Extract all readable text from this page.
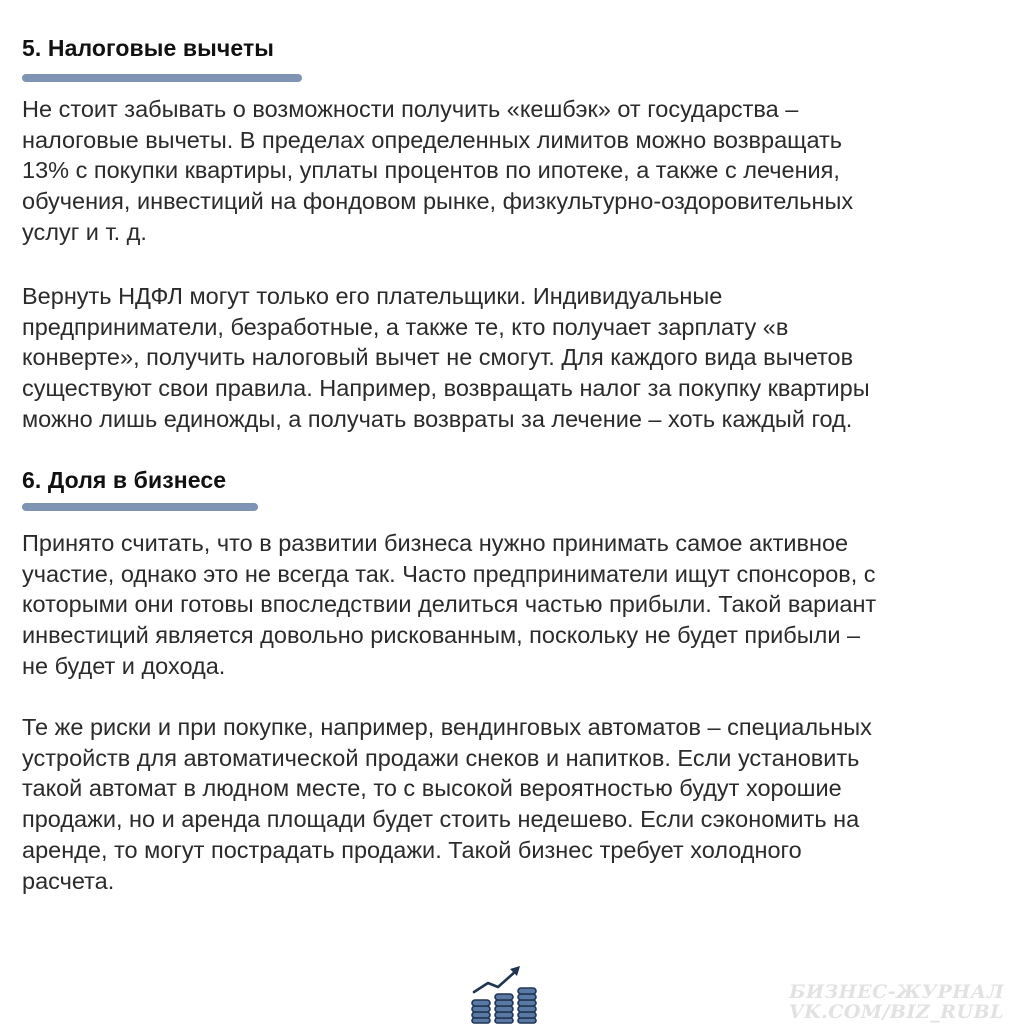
5. Налоговые вычеты

Не стоит забывать о возможности получить «кешбэк» от государства –
налоговые вычеты. В пределах определенных лимитов можно возвращать
13% с покупки квартиры, уплаты процентов по ипотеке, а также с лечения,
обучения, инвестиций на фондовом рынке, физкультурно-оздоровительных
услуг и т. д.

Вернуть НДФЛ могут только его плательщики. Индивидуальные
предприниматели, безработные, а также те, кто получает зарплату «в
конверте», получить налоговый вычет не смогут. Для каждого вида вычетов
существуют свои правила. Например, возвращать налог за покупку квартиры
можно лишь единожды, а получать возвраты за лечение – хоть каждый год.

6. Доля в бизнесе

Принято считать, что в развитии бизнеса нужно принимать самое активное
участие, однако это не всегда так. Часто предприниматели ищут спонсоров, с
которыми они готовы впоследствии делиться частью прибыли. Такой вариант
инвестиций является довольно рискованным, поскольку не будет прибыли –
не будет и дохода.

Те же риски и при покупке, например, вендинговых автоматов – специальных
устройств для автоматической продажи снеков и напитков. Если установить
такой автомат в людном месте, то с высокой вероятностью будут хорошие
продажи, но и аренда площади будет стоить недешево. Если сэкономить на
аренде, то могут пострадать продажи. Такой бизнес требует холодного
расчета.

БИЗНЕС-ЖУРНАЛ
VK.COM/BIZ_RUBL
